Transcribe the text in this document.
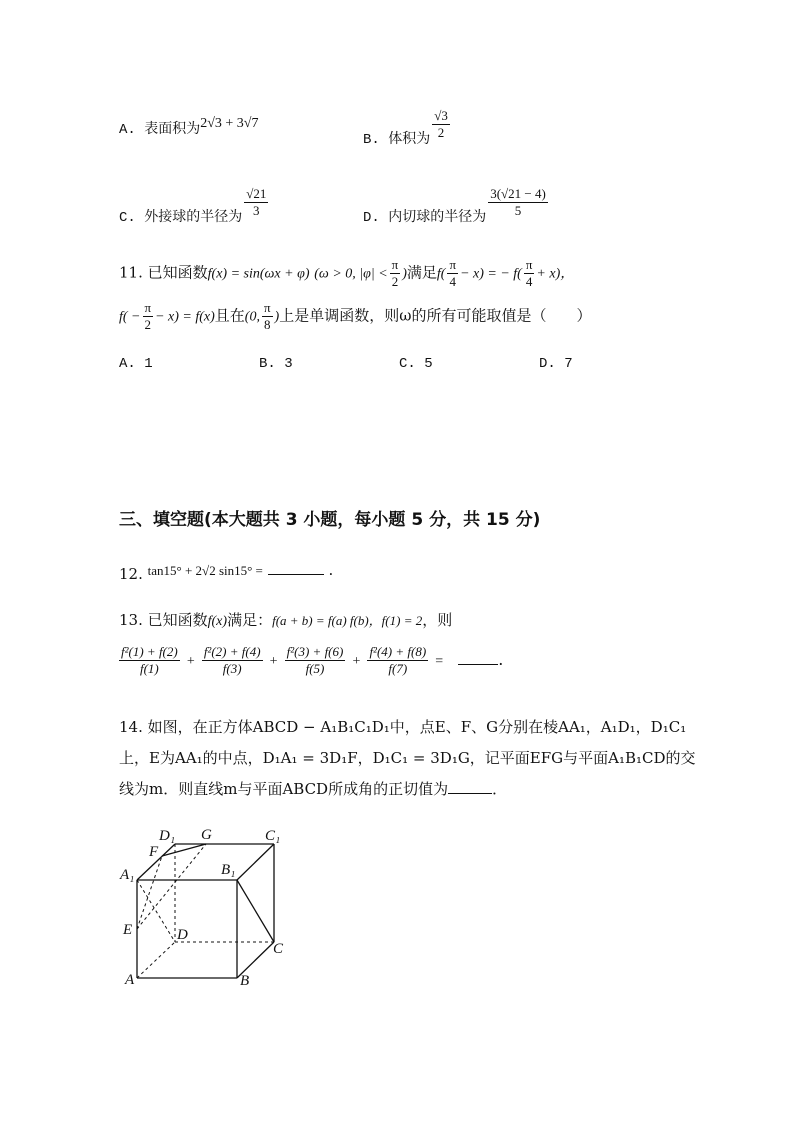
A. 表面积为2√3 + 3√7
B. 体积为 $\frac{√3}{2}$
C. 外接球的半径为 $\frac{√21}{3}$	D. 内切球的半径为 $\frac{3(√21 - 4)}{5}$
11. 已知函数f(x) = sin(ωx + φ) (ω > 0, $|\varphi| < \frac{\pi}{2}$ )满足$f( \frac{\pi}{4} - x)$ = − $f( \frac{\pi}{4} + x)$，
$f( - \frac{\pi}{2} - x) = f(x)$且在(0, $\frac{\pi}{8}$ )上是单调函数，则ω的所有可能取值是（　　）
A. 1	B. 3	C. 5	D. 7
三、填空题(本大题共 3 小题，每小题 5 分，共 15 分)
12. tan15° + 2√2 sin15° =	.
13. 已知函数f(x)满足：f(a + b) = f(a) f(b)，f(1) = 2，则
$\frac{\text{f²(1) + f(2)}}{f(1)} + \frac{\text{f²(2) + f(4)}}{f(3)} + \frac{\text{f²(3) + f(6)}}{f(5)} + \frac{\text{f²(4) + f(8)}}{f(7)}$ =	.
14. 如图，在正方体ABCD − A₁B₁C₁D₁中，点E、F、G分别在棱AA₁，A₁D₁，D₁C₁
上，E为AA₁的中点，D₁A₁ = 3D₁F，D₁C₁ = 3D₁G，记平面EFG与平面A₁B₁CD的交
线为m．则直线m与平面ABCD所成角的正切值为	．
D₁ G	C₁
F
A₁	B₁
E	D
C
A	B
